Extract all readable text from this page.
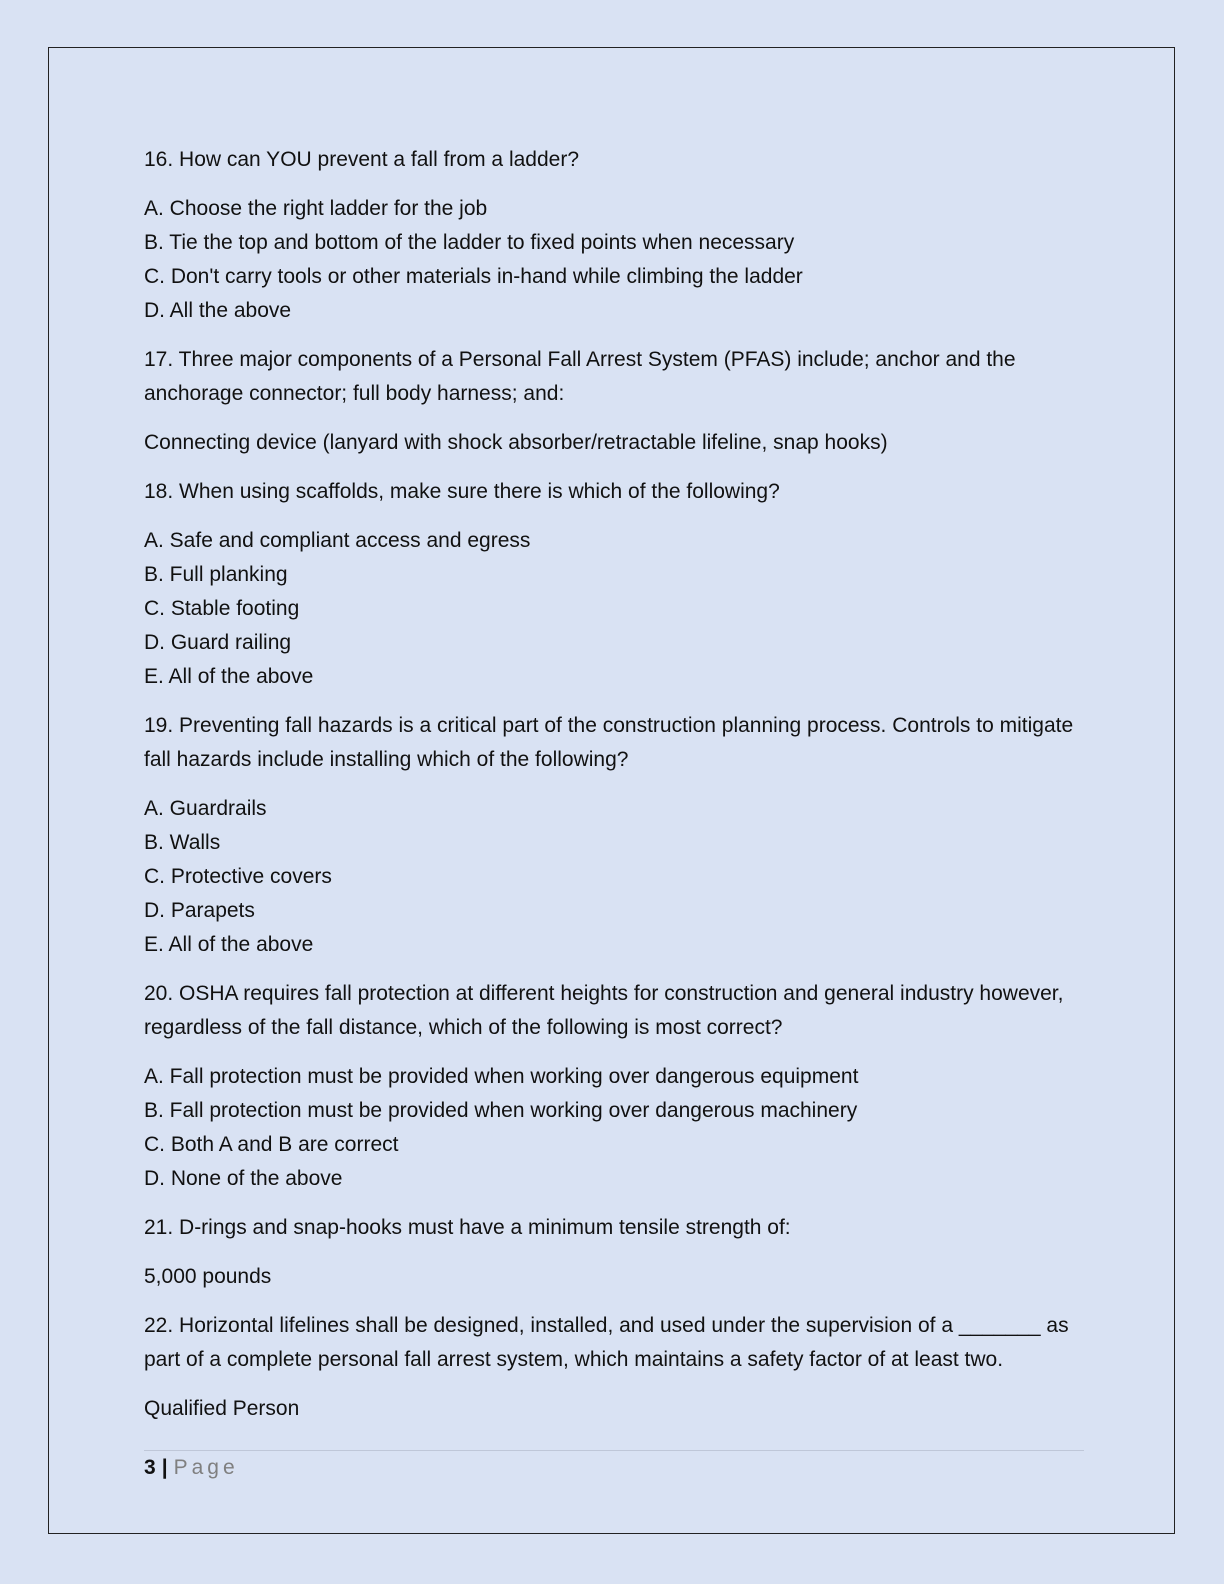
16. How can YOU prevent a fall from a ladder?

A. Choose the right ladder for the job

B. Tie the top and bottom of the ladder to fixed points when necessary

C. Don't carry tools or other materials in-hand while climbing the ladder

D. All the above

17. Three major components of a Personal Fall Arrest System (PFAS) include; anchor and the anchorage connector; full body harness; and:

Connecting device (lanyard with shock absorber/retractable lifeline, snap hooks)

18. When using scaffolds, make sure there is which of the following?

A. Safe and compliant access and egress

B. Full planking

C. Stable footing

D. Guard railing

E. All of the above

19. Preventing fall hazards is a critical part of the construction planning process. Controls to mitigate fall hazards include installing which of the following?

A. Guardrails

B. Walls

C. Protective covers

D. Parapets

E. All of the above

20. OSHA requires fall protection at different heights for construction and general industry however, regardless of the fall distance, which of the following is most correct?

A. Fall protection must be provided when working over dangerous equipment

B. Fall protection must be provided when working over dangerous machinery

C. Both A and B are correct

D. None of the above

21. D-rings and snap-hooks must have a minimum tensile strength of:

5,000 pounds

22. Horizontal lifelines shall be designed, installed, and used under the supervision of a _______ as part of a complete personal fall arrest system, which maintains a safety factor of at least two.

Qualified Person

3 | Page
